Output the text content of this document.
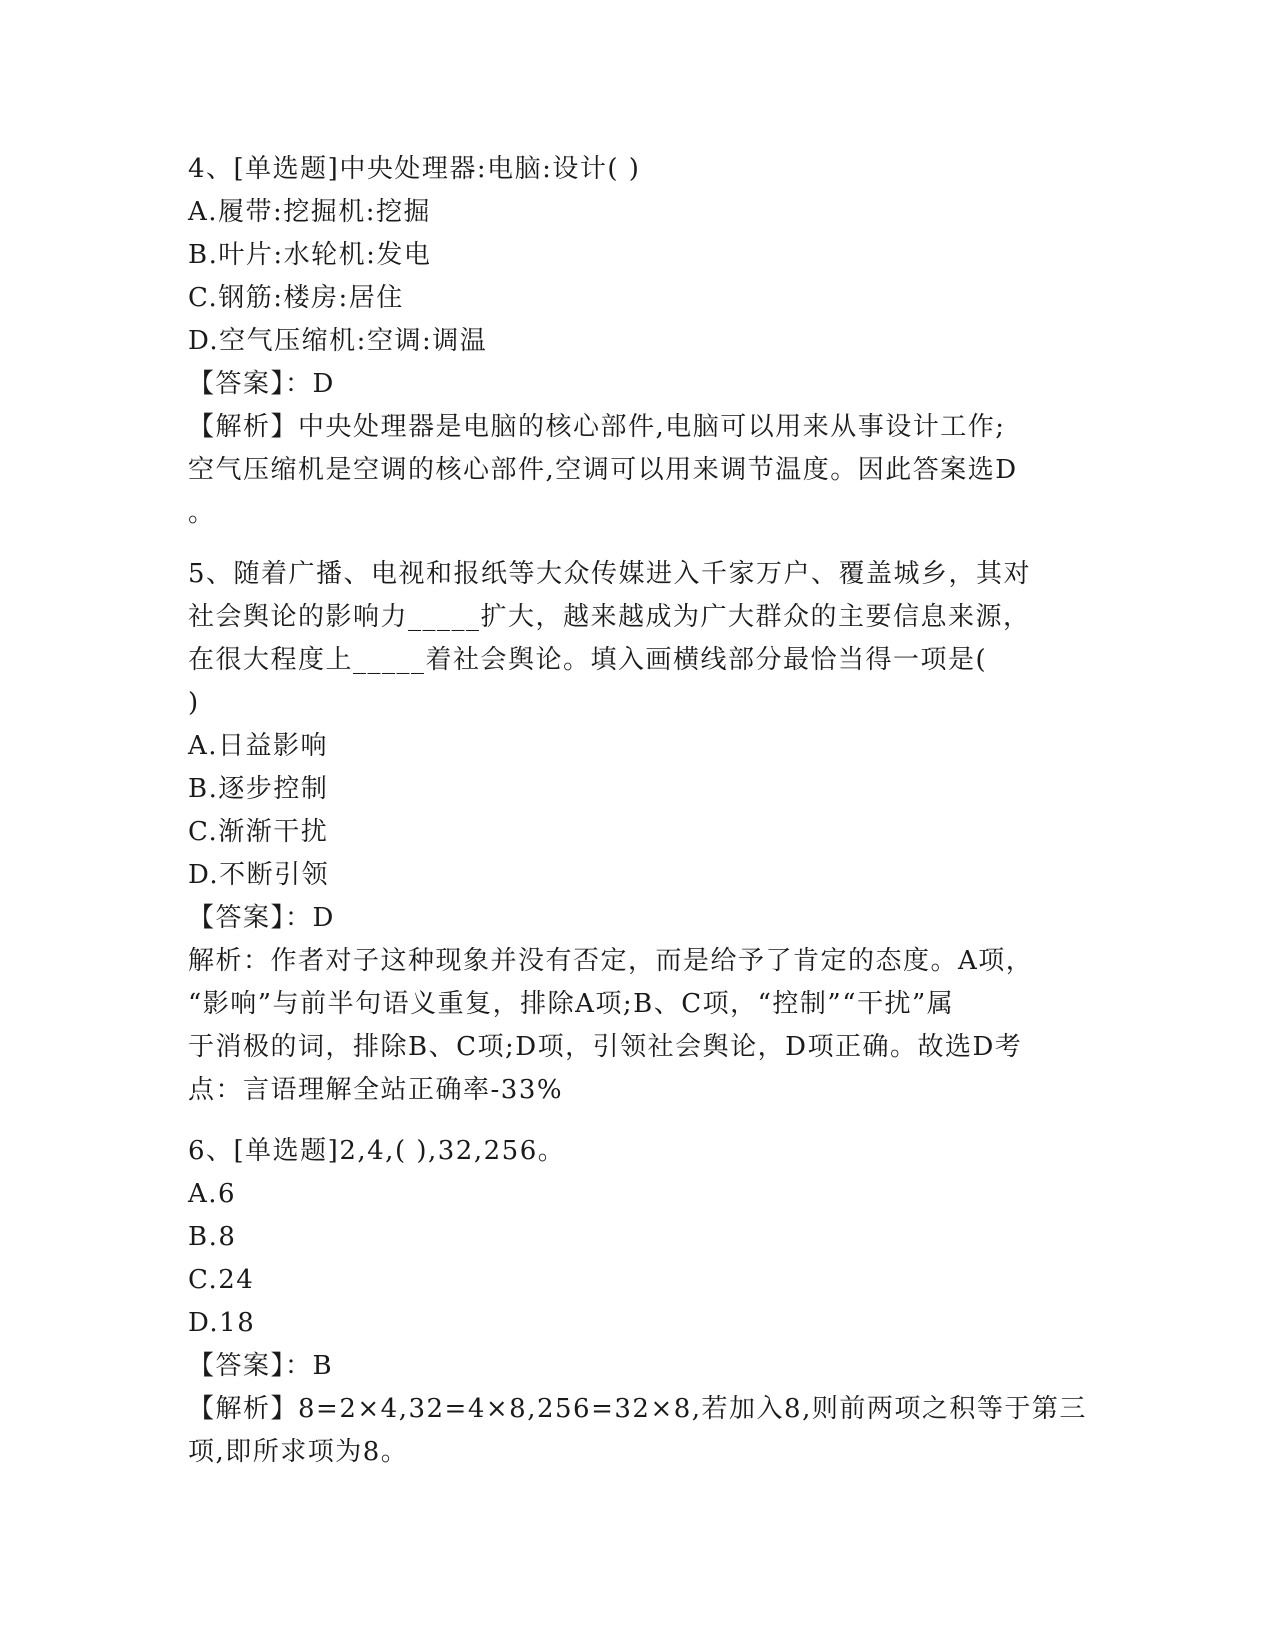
4、[单选题]中央处理器:电脑:设计( )
A.履带:挖掘机:挖掘
B.叶片:水轮机:发电
C.钢筋:楼房:居住
D.空气压缩机:空调:调温
【答案】：D
【解析】中央处理器是电脑的核心部件,电脑可以用来从事设计工作;
空气压缩机是空调的核心部件,空调可以用来调节温度。因此答案选D
。
5、随着广播、电视和报纸等大众传媒进入千家万户、覆盖城乡，其对
社会舆论的影响力_____扩大，越来越成为广大群众的主要信息来源，
在很大程度上_____着社会舆论。填入画横线部分最恰当得一项是(
)
A.日益影响
B.逐步控制
C.渐渐干扰
D.不断引领
【答案】：D
解析：作者对子这种现象并没有否定，而是给予了肯定的态度。A项，
“影响”与前半句语义重复，排除A项;B、C项，“控制”“干扰”属
于消极的词，排除B、C项;D项，引领社会舆论，D项正确。故选D考
点：言语理解全站正确率-33%
6、[单选题]2,4,( ),32,256。
A.6
B.8
C.24
D.18
【答案】：B
【解析】8=2×4,32=4×8,256=32×8,若加入8,则前两项之积等于第三
项,即所求项为8。
